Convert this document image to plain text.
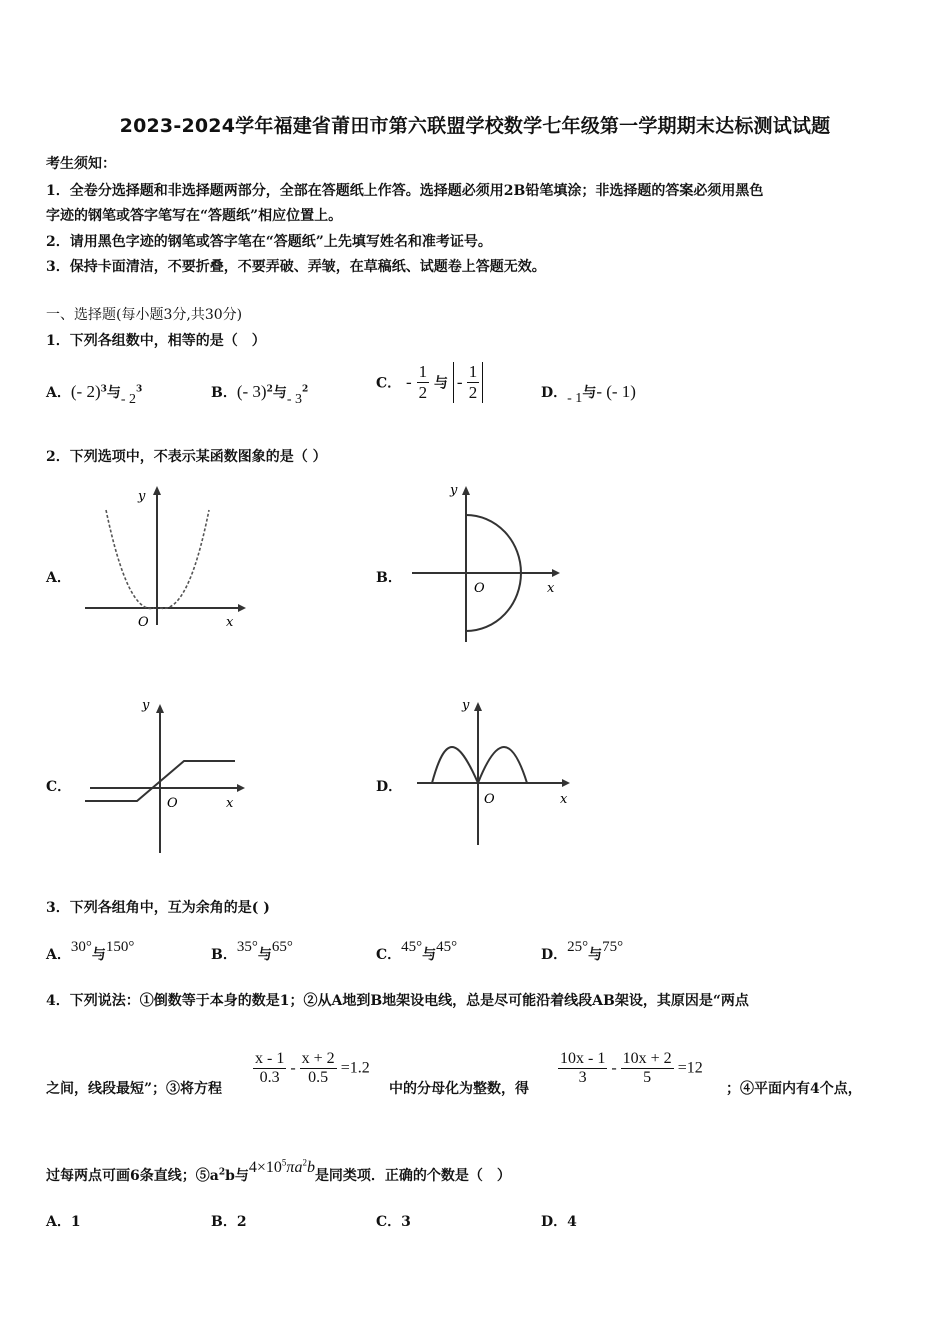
2023-2024学年福建省莆田市第六联盟学校数学七年级第一学期期末达标测试试题
考生须知：
1．全卷分选择题和非选择题两部分，全部在答题纸上作答。选择题必须用2B铅笔填涂；非选择题的答案必须用黑色
字迹的钢笔或答字笔写在“答题纸”相应位置上。
2．请用黑色字迹的钢笔或答字笔在“答题纸”上先填写姓名和准考证号。
3．保持卡面清洁，不要折叠，不要弄破、弄皱，在草稿纸、试题卷上答题无效。
一、选择题(每小题3分,共30分)
1．下列各组数中，相等的是（　）
A．(- 2)$^3$与- $2^3$	B．(- 3)$^2$与- $3^2$	C． - $\frac{1}{2}$ 与 - $\frac{1}{2}$	D．- 1与- (- 1)
2．下列选项中，不表示某函数图象的是（ ）
A．
y
O	x
B．
y
O	x
C．
y
O	x
D．
y
O	x
3．下列各组角中，互为余角的是( )
A．30°与150°	B．35°与65°	C．45°与45°	D．25°与75°
4．下列说法：①倒数等于本身的数是1；②从A地到B地架设电线，总是尽可能沿着线段AB架设，其原因是“两点
之间，线段最短”；③将方程
$\frac{x - 1}{0.3} - \frac{x + 2}{0.5} =1.2$
中的分母化为整数，得
$\frac{10x - 1}{3} - \frac{10x + 2}{5} =12$
；④平面内有4个点，
过每两点可画6条直线；$⑤a^2b$与$4\times 10^5\pi a^2b$是同类项．正确的个数是（　）
A．1	B．2	C．3	D．4
